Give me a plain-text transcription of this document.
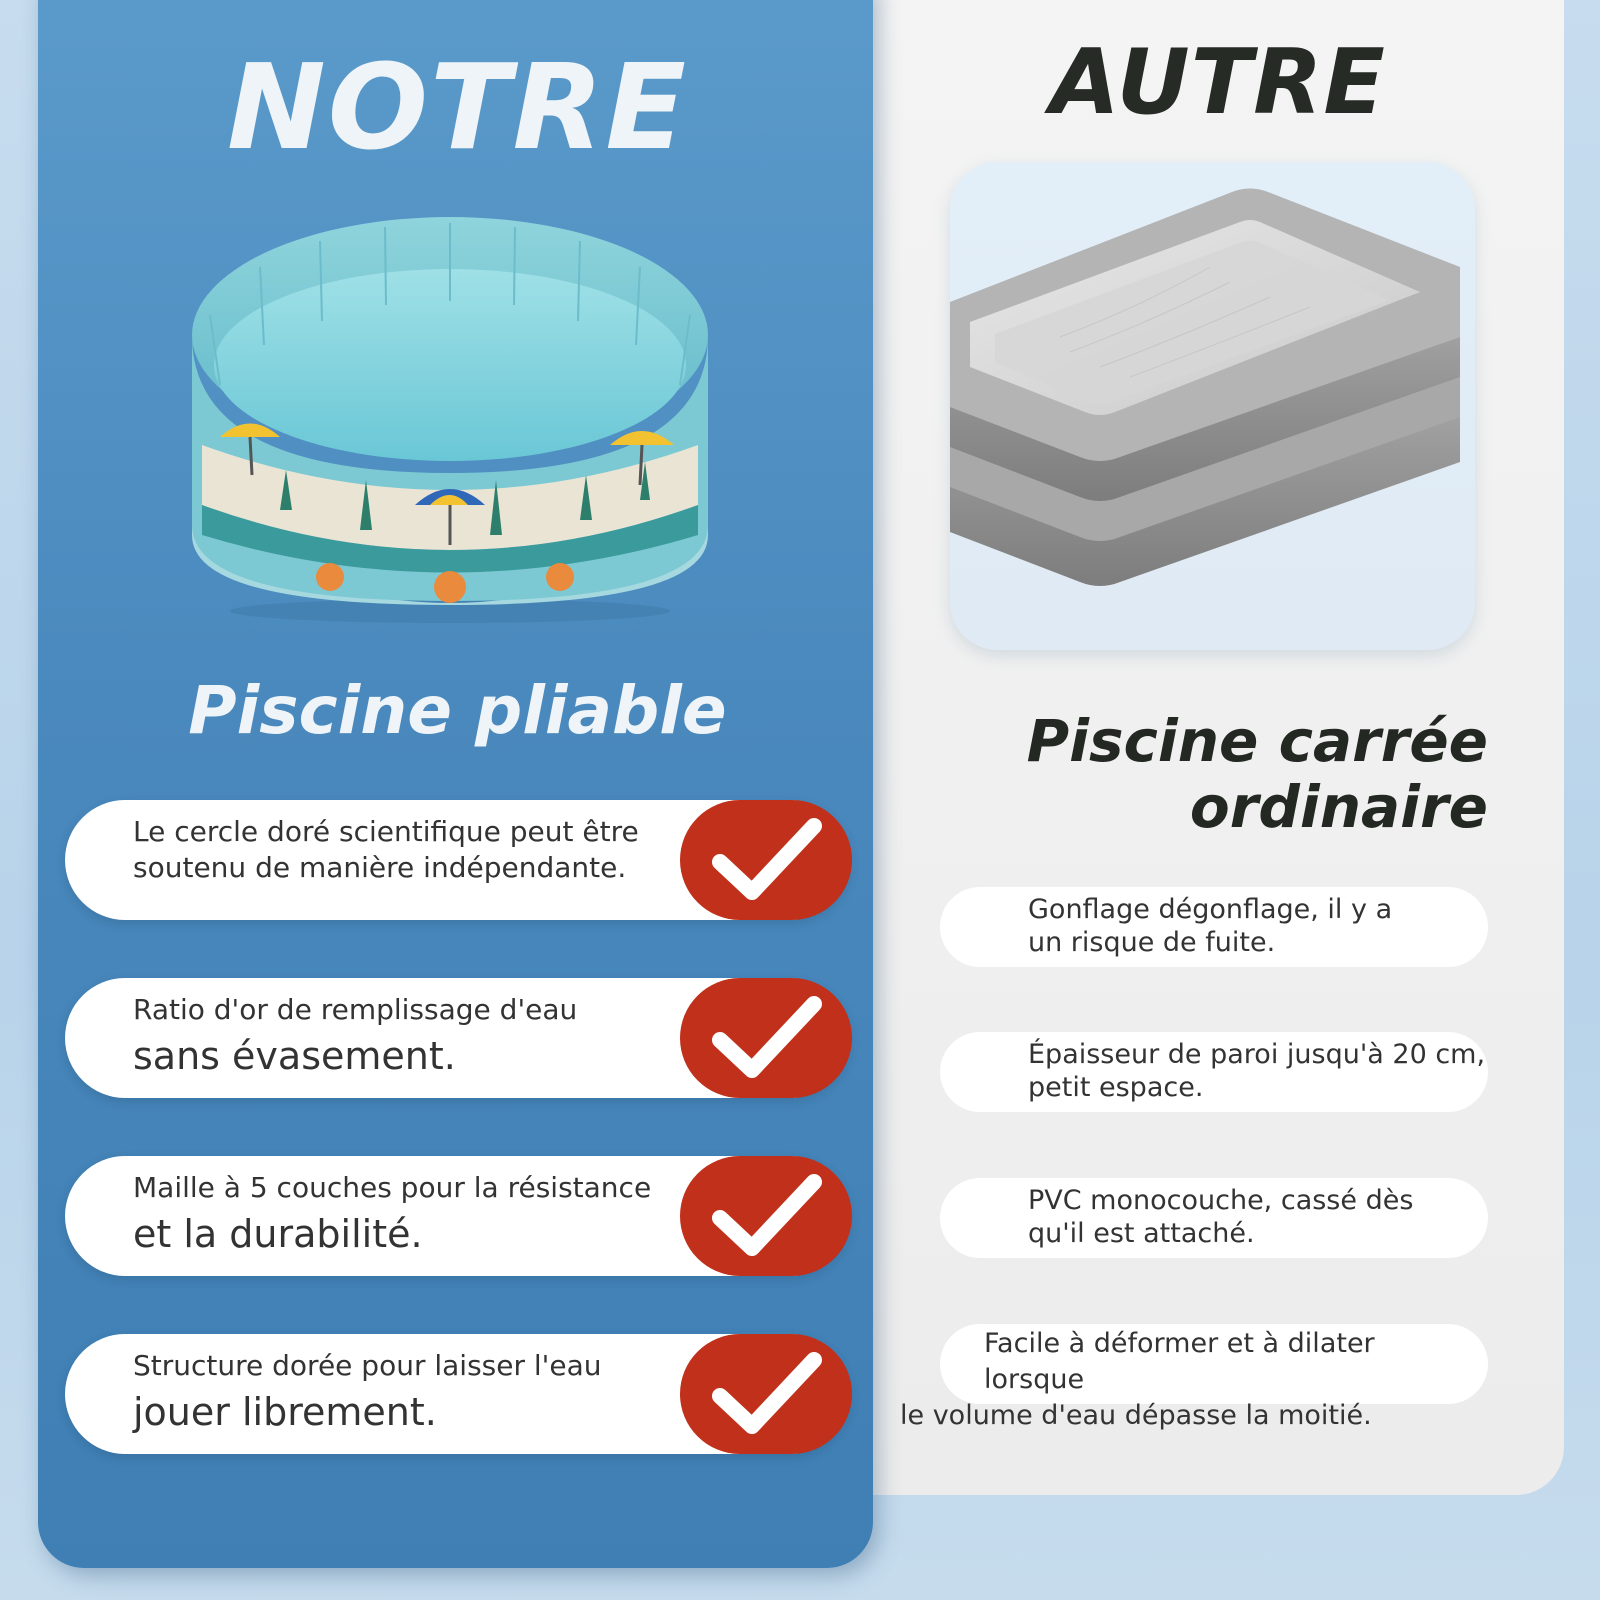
NOTRE	AUTRE
Piscine pliable	Piscine carrée
ordinaire
Le cercle doré scientifique peut être
soutenu de manière indépendante.
Ratio d'or de remplissage d'eau
sans évasement.
Maille à 5 couches pour la résistance
et la durabilité.
Structure dorée pour laisser l'eau
jouer librement.
Gonflage dégonflage, il y a
un risque de fuite.
Épaisseur de paroi jusqu'à 20 cm,
petit espace.
PVC monocouche, cassé dès
qu'il est attaché.
Facile à déformer et à dilater lorsque
le volume d'eau dépasse la moitié.
